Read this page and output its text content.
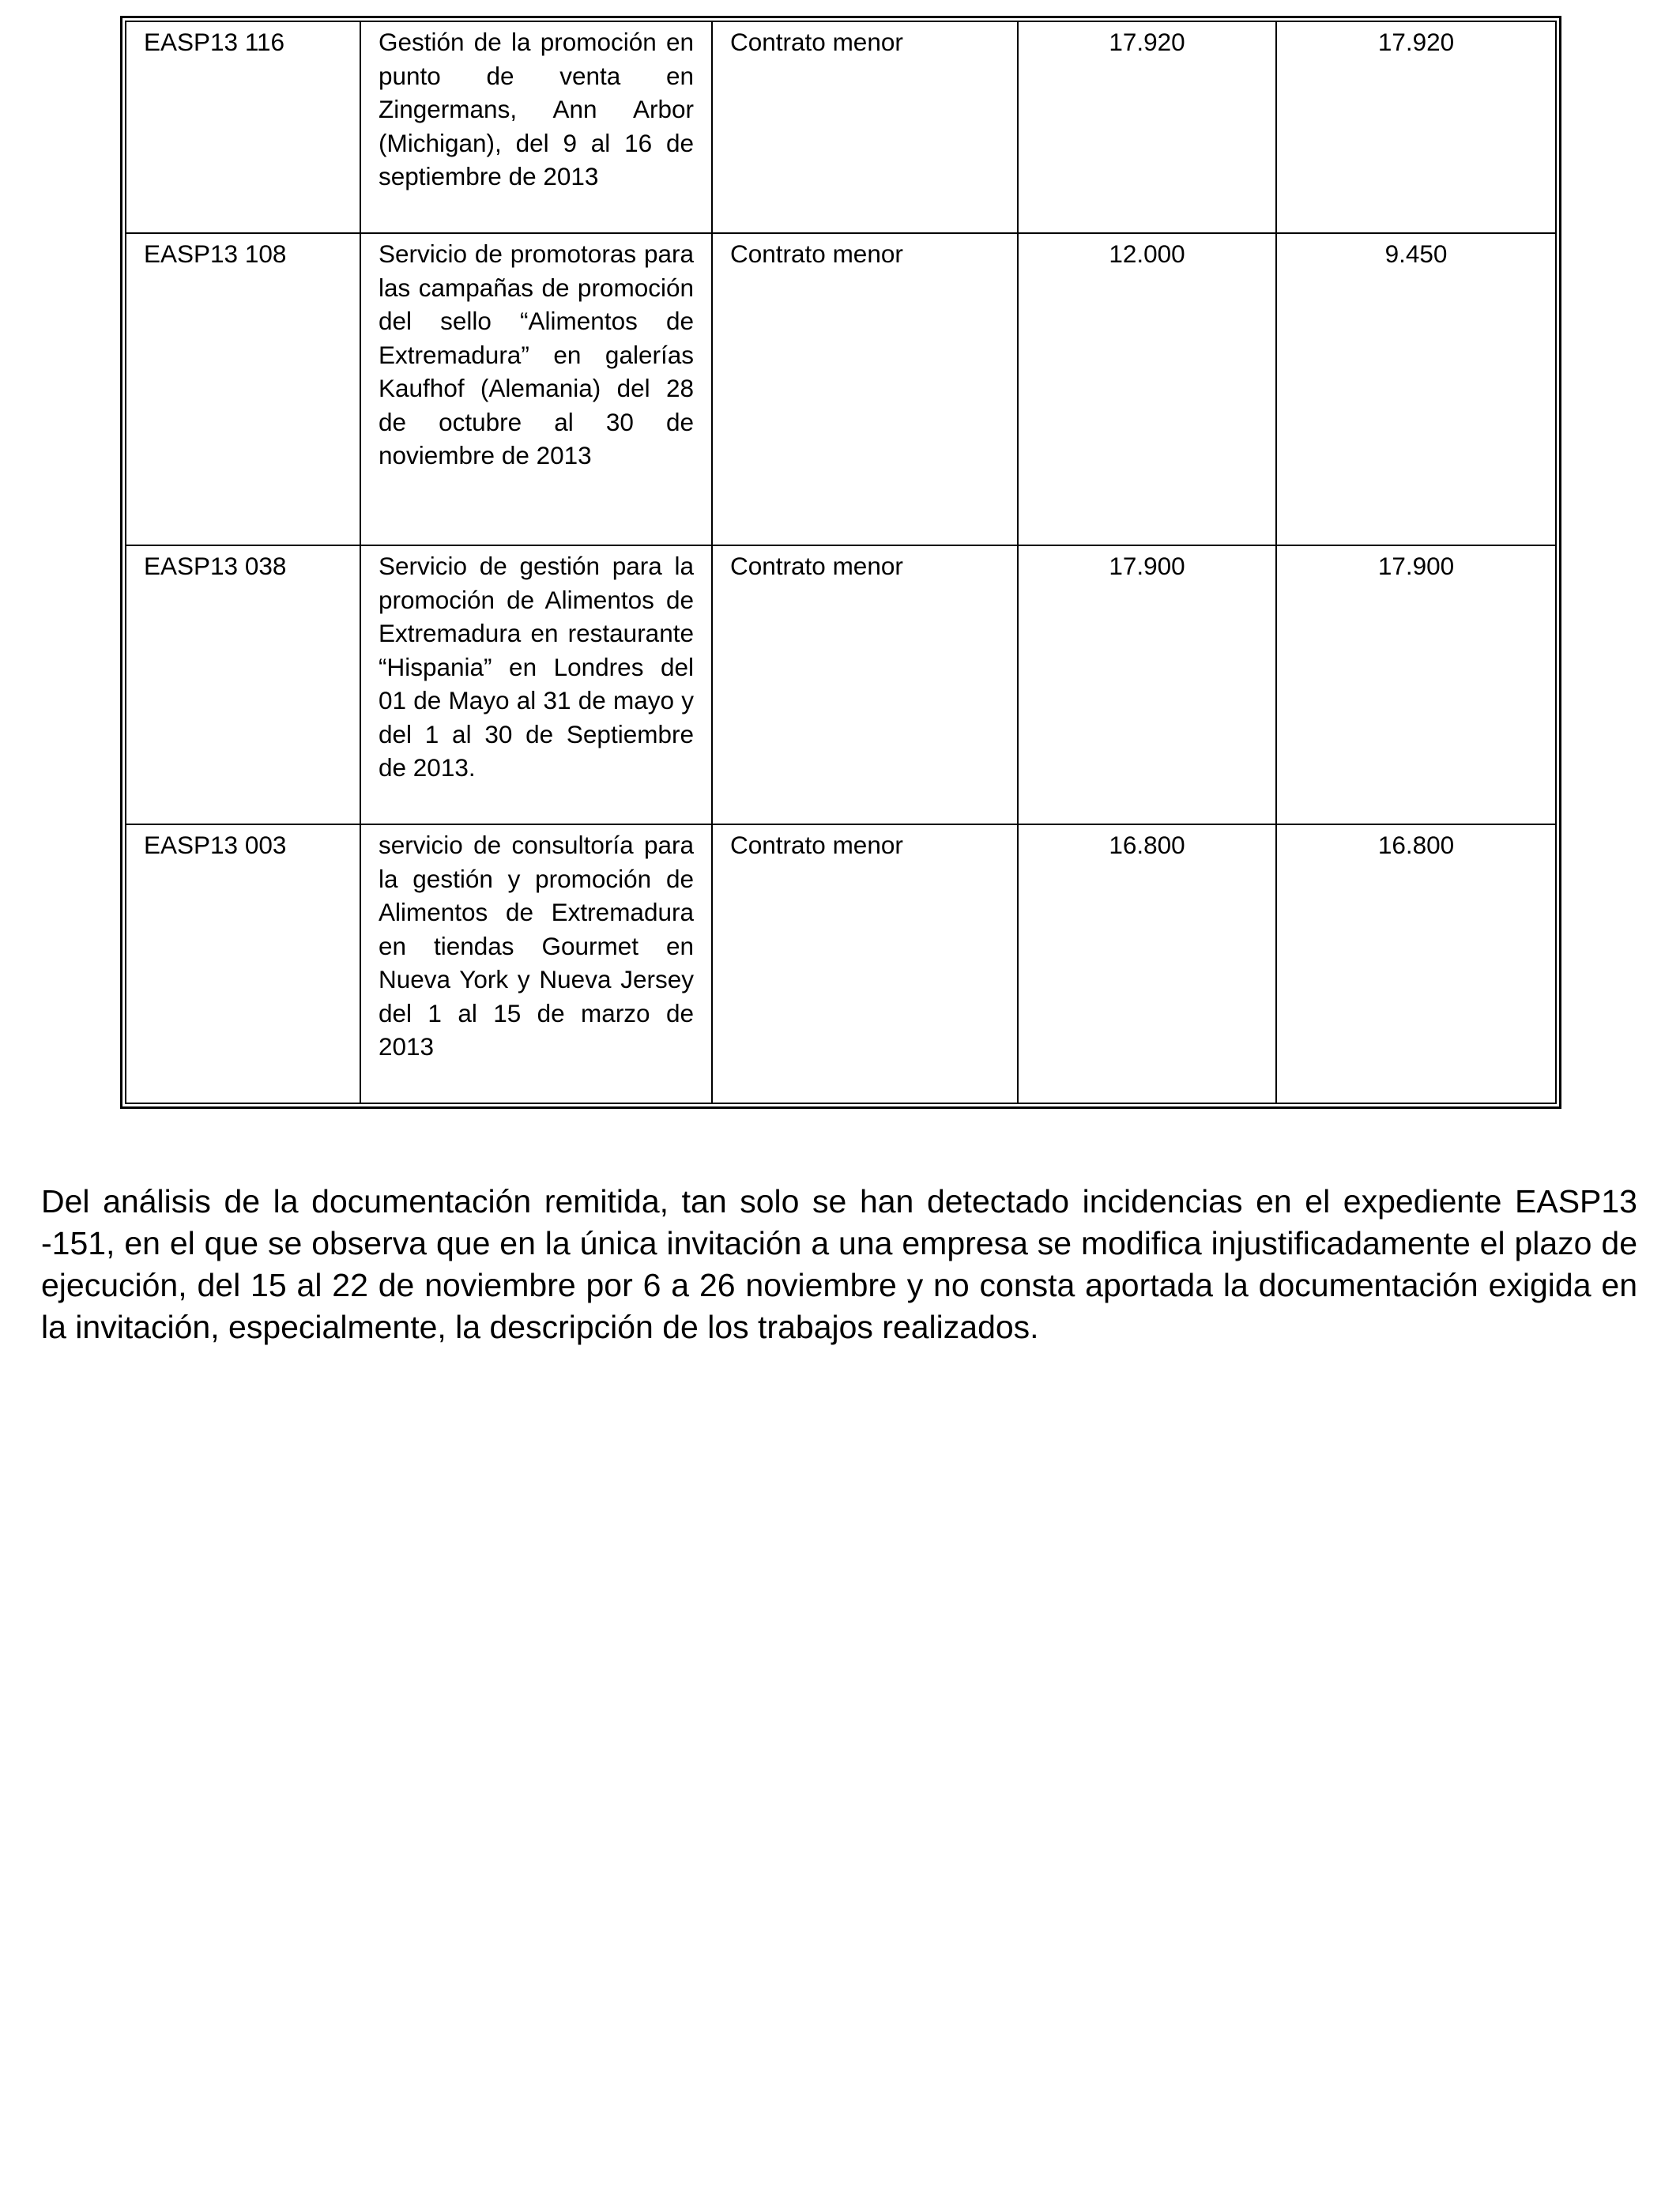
EASP13 116	Gestión de la promoción en punto de venta en Zingermans, Ann Arbor (Michigan), del 9 al 16 de septiembre de 2013	Contrato menor	17.920	17.920
EASP13 108	Servicio de promotoras para las campañas de promoción del sello “Alimentos de Extremadura” en galerías Kaufhof (Alemania) del 28 de octubre al 30 de noviembre de 2013	Contrato menor	12.000	9.450
EASP13 038	Servicio de gestión para la promoción de Alimentos de Extremadura en restaurante “Hispania” en Londres del 01 de Mayo al 31 de mayo y del 1 al 30 de Septiembre de 2013.	Contrato menor	17.900	17.900
EASP13 003	servicio de consultoría para la gestión y promoción de Alimentos de Extremadura en tiendas Gourmet en Nueva York y Nueva Jersey del 1 al 15 de marzo de 2013	Contrato menor	16.800	16.800

Del análisis de la documentación remitida, tan solo se han detectado incidencias en el expediente EASP13 -151, en el que se observa que en la única invitación a una empresa se modifica injustificadamente el plazo de ejecución, del 15 al 22 de noviembre por 6 a 26 noviembre y no consta aportada la documentación exigida en la invitación, especialmente, la descripción de los trabajos realizados.
